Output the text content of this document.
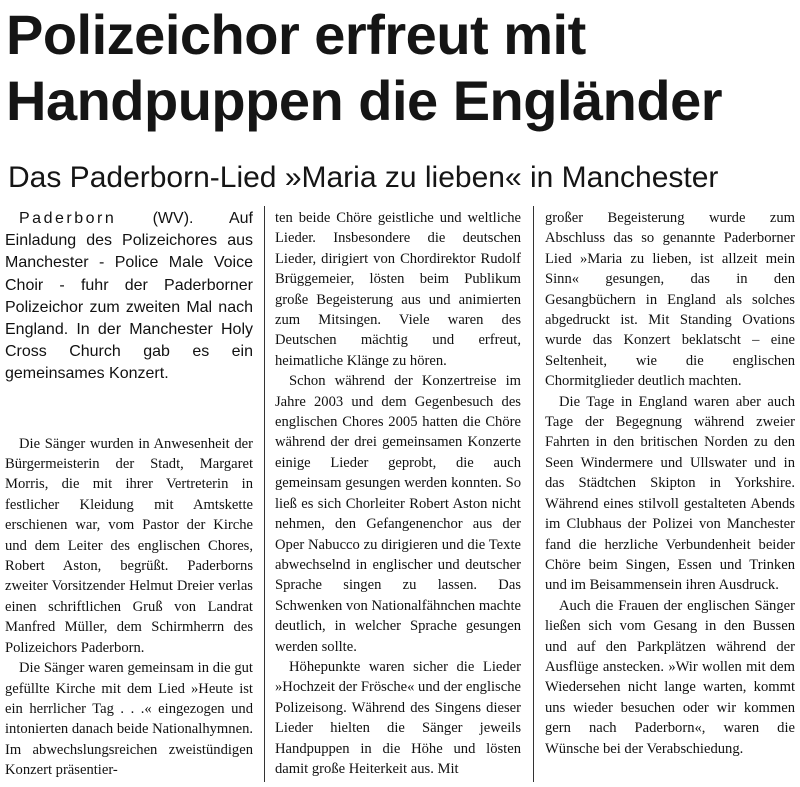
Polizeichor erfreut mit
Handpuppen die Engländer
Das Paderborn-Lied »Maria zu lieben« in Manchester

Paderborn (WV). Auf Einladung des Polizeichores aus Manchester - Police Male Voice Choir - fuhr der Paderborner Polizeichor zum zweiten Mal nach England. In der Manchester Holy Cross Church gab es ein gemeinsames Konzert.

Die Sänger wurden in Anwesenheit der Bürgermeisterin der Stadt, Margaret Morris, die mit ihrer Vertreterin in festlicher Kleidung mit Amtskette erschienen war, vom Pastor der Kirche und dem Leiter des englischen Chores, Robert Aston, begrüßt. Paderborns zweiter Vorsitzender Helmut Dreier verlas einen schriftlichen Gruß von Landrat Manfred Müller, dem Schirmherrn des Polizeichors Paderborn.

Die Sänger waren gemeinsam in die gut gefüllte Kirche mit dem Lied »Heute ist ein herrlicher Tag . . .« eingezogen und intonierten danach beide Nationalhymnen. Im abwechslungsreichen zweistündigen Konzert präsentier-

ten beide Chöre geistliche und weltliche Lieder. Insbesondere die deutschen Lieder, dirigiert von Chordirektor Rudolf Brüggemeier, lösten beim Publikum große Begeisterung aus und animierten zum Mitsingen. Viele waren des Deutschen mächtig und erfreut, heimatliche Klänge zu hören.

Schon während der Konzertreise im Jahre 2003 und dem Gegenbesuch des englischen Chores 2005 hatten die Chöre während der drei gemeinsamen Konzerte einige Lieder geprobt, die auch gemeinsam gesungen werden konnten. So ließ es sich Chorleiter Robert Aston nicht nehmen, den Gefangenenchor aus der Oper Nabucco zu dirigieren und die Texte abwechselnd in englischer und deutscher Sprache singen zu lassen. Das Schwenken von Nationalfähnchen machte deutlich, in welcher Sprache gesungen werden sollte.

Höhepunkte waren sicher die Lieder »Hochzeit der Frösche« und der englische Polizeisong. Während des Singens dieser Lieder hielten die Sänger jeweils Handpuppen in die Höhe und lösten damit große Heiterkeit aus. Mit

großer Begeisterung wurde zum Abschluss das so genannte Paderborner Lied »Maria zu lieben, ist allzeit mein Sinn« gesungen, das in den Gesangbüchern in England als solches abgedruckt ist. Mit Standing Ovations wurde das Konzert beklatscht – eine Seltenheit, wie die englischen Chormitglieder deutlich machten.

Die Tage in England waren aber auch Tage der Begegnung während zweier Fahrten in den britischen Norden zu den Seen Windermere und Ullswater und in das Städtchen Skipton in Yorkshire. Während eines stilvoll gestalteten Abends im Clubhaus der Polizei von Manchester fand die herzliche Verbundenheit beider Chöre beim Singen, Essen und Trinken und im Beisammensein ihren Ausdruck.

Auch die Frauen der englischen Sänger ließen sich vom Gesang in den Bussen und auf den Parkplätzen während der Ausflüge anstecken. »Wir wollen mit dem Wiedersehen nicht lange warten, kommt uns wieder besuchen oder wir kommen gern nach Paderborn«, waren die Wünsche bei der Verabschiedung.
